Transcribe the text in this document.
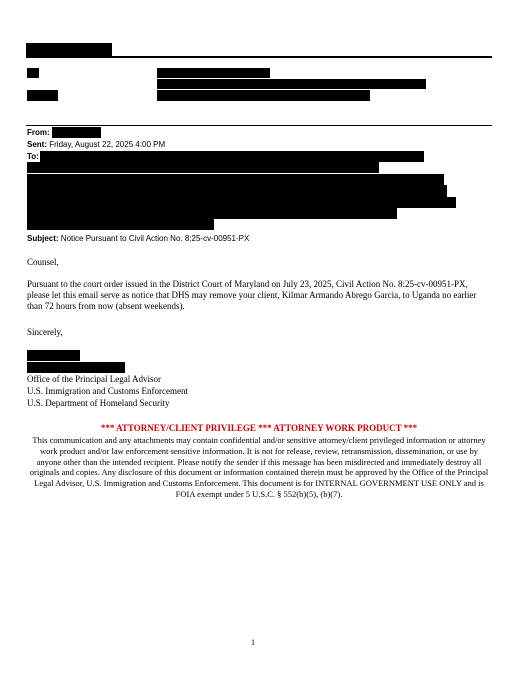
From:
Sent: Friday, August 22, 2025 4:00 PM
To:
Subject: Notice Pursuant to Civil Action No. 8:25-cv-00951-PX
Counsel,
Pursuant to the court order issued in the District Court of Maryland on July 23, 2025, Civil Action No. 8:25-cv-00951-PX, please let this email serve as notice that DHS may remove your client, Kilmar Armando Abrego Garcia, to Uganda no earlier than 72 hours from now (absent weekends).
Sincerely,
Office of the Principal Legal Advisor
U.S. Immigration and Customs Enforcement
U.S. Department of Homeland Security
*** ATTORNEY/CLIENT PRIVILEGE *** ATTORNEY WORK PRODUCT ***
This communication and any attachments may contain confidential and/or sensitive attorney/client privileged information or attorney work product and/or law enforcement sensitive information. It is not for release, review, retransmission, dissemination, or use by anyone other than the intended recipient. Please notify the sender if this message has been misdirected and immediately destroy all originals and copies. Any disclosure of this document or information contained therein must be approved by the Office of the Principal Legal Advisor, U.S. Immigration and Customs Enforcement. This document is for INTERNAL GOVERNMENT USE ONLY and is FOIA exempt under 5 U.S.C. § 552(b)(5), (b)(7).
1
